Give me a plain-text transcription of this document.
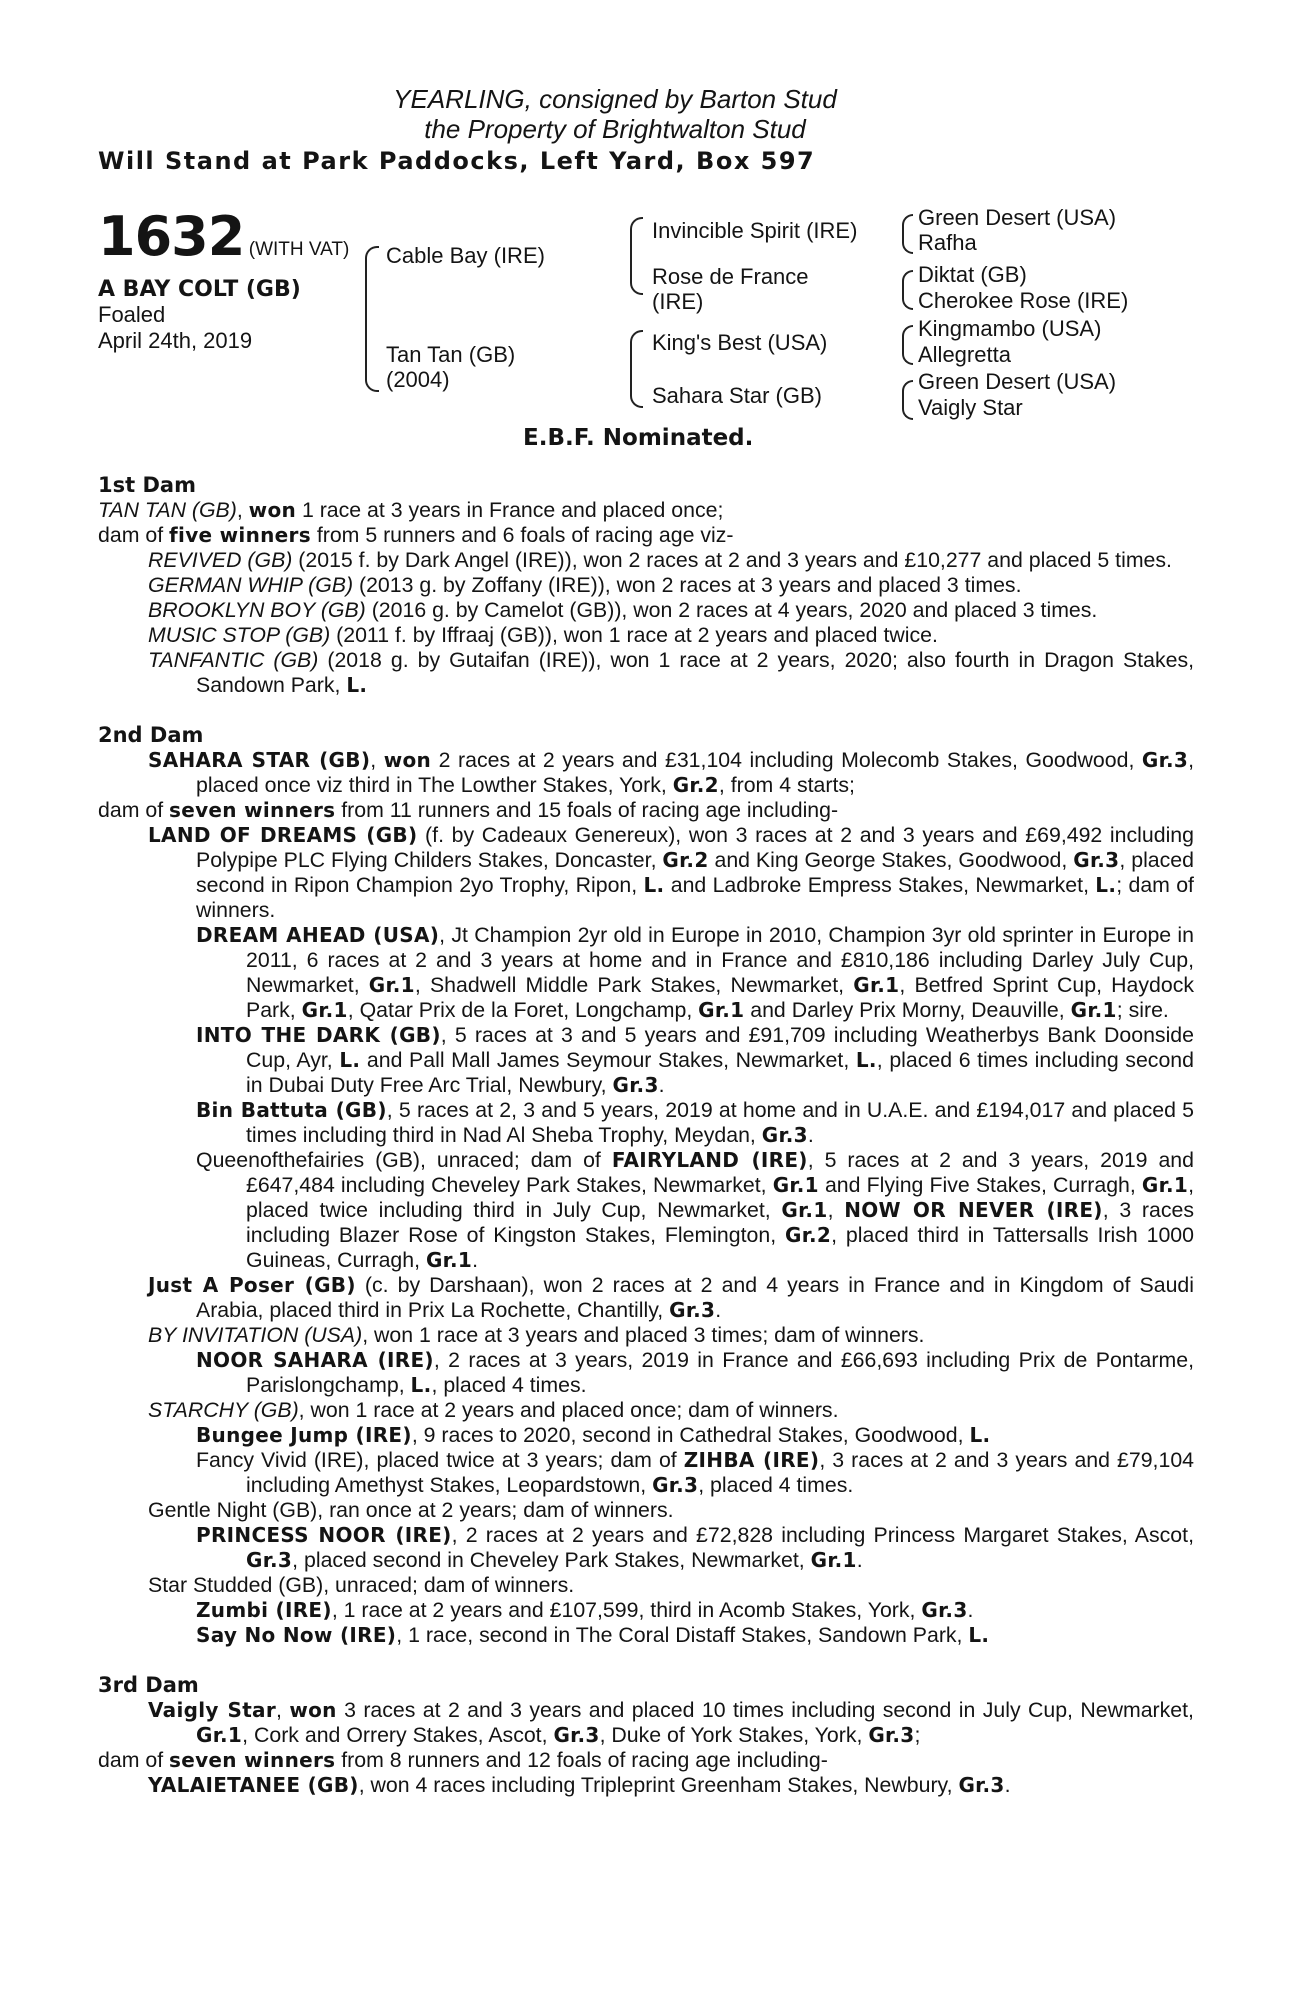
YEARLING, consigned by Barton Stud
the Property of Brightwalton Stud
Will Stand at Park Paddocks, Left Yard, Box 597
1632 (WITH VAT)
A BAY COLT (GB)
Foaled
April 24th, 2019
Cable Bay (IRE)
Tan Tan (GB)
(2004)
Invincible Spirit (IRE)
Rose de France
(IRE)
King's Best (USA)
Sahara Star (GB)
Green Desert (USA)
Rafha
Diktat (GB)
Cherokee Rose (IRE)
Kingmambo (USA)
Allegretta
Green Desert (USA)
Vaigly Star
E.B.F. Nominated.
1st Dam
TAN TAN (GB), won 1 race at 3 years in France and placed once;
dam of five winners from 5 runners and 6 foals of racing age viz-
REVIVED (GB) (2015 f. by Dark Angel (IRE)), won 2 races at 2 and 3 years and £10,277 and placed 5 times.
GERMAN WHIP (GB) (2013 g. by Zoffany (IRE)), won 2 races at 3 years and placed 3 times.
BROOKLYN BOY (GB) (2016 g. by Camelot (GB)), won 2 races at 4 years, 2020 and placed 3 times.
MUSIC STOP (GB) (2011 f. by Iffraaj (GB)), won 1 race at 2 years and placed twice.
TANFANTIC (GB) (2018 g. by Gutaifan (IRE)), won 1 race at 2 years, 2020; also fourth in Dragon Stakes, Sandown Park, L.
2nd Dam
SAHARA STAR (GB), won 2 races at 2 years and £31,104 including Molecomb Stakes, Goodwood, Gr.3, placed once viz third in The Lowther Stakes, York, Gr.2, from 4 starts;
dam of seven winners from 11 runners and 15 foals of racing age including-
LAND OF DREAMS (GB) (f. by Cadeaux Genereux), won 3 races at 2 and 3 years and £69,492 including Polypipe PLC Flying Childers Stakes, Doncaster, Gr.2 and King George Stakes, Goodwood, Gr.3, placed second in Ripon Champion 2yo Trophy, Ripon, L. and Ladbroke Empress Stakes, Newmarket, L.; dam of winners.
DREAM AHEAD (USA), Jt Champion 2yr old in Europe in 2010, Champion 3yr old sprinter in Europe in 2011, 6 races at 2 and 3 years at home and in France and £810,186 including Darley July Cup, Newmarket, Gr.1, Shadwell Middle Park Stakes, Newmarket, Gr.1, Betfred Sprint Cup, Haydock Park, Gr.1, Qatar Prix de la Foret, Longchamp, Gr.1 and Darley Prix Morny, Deauville, Gr.1; sire.
INTO THE DARK (GB), 5 races at 3 and 5 years and £91,709 including Weatherbys Bank Doonside Cup, Ayr, L. and Pall Mall James Seymour Stakes, Newmarket, L., placed 6 times including second in Dubai Duty Free Arc Trial, Newbury, Gr.3.
Bin Battuta (GB), 5 races at 2, 3 and 5 years, 2019 at home and in U.A.E. and £194,017 and placed 5 times including third in Nad Al Sheba Trophy, Meydan, Gr.3.
Queenofthefairies (GB), unraced; dam of FAIRYLAND (IRE), 5 races at 2 and 3 years, 2019 and £647,484 including Cheveley Park Stakes, Newmarket, Gr.1 and Flying Five Stakes, Curragh, Gr.1, placed twice including third in July Cup, Newmarket, Gr.1, NOW OR NEVER (IRE), 3 races including Blazer Rose of Kingston Stakes, Flemington, Gr.2, placed third in Tattersalls Irish 1000 Guineas, Curragh, Gr.1.
Just A Poser (GB) (c. by Darshaan), won 2 races at 2 and 4 years in France and in Kingdom of Saudi Arabia, placed third in Prix La Rochette, Chantilly, Gr.3.
BY INVITATION (USA), won 1 race at 3 years and placed 3 times; dam of winners.
NOOR SAHARA (IRE), 2 races at 3 years, 2019 in France and £66,693 including Prix de Pontarme, Parislongchamp, L., placed 4 times.
STARCHY (GB), won 1 race at 2 years and placed once; dam of winners.
Bungee Jump (IRE), 9 races to 2020, second in Cathedral Stakes, Goodwood, L.
Fancy Vivid (IRE), placed twice at 3 years; dam of ZIHBA (IRE), 3 races at 2 and 3 years and £79,104 including Amethyst Stakes, Leopardstown, Gr.3, placed 4 times.
Gentle Night (GB), ran once at 2 years; dam of winners.
PRINCESS NOOR (IRE), 2 races at 2 years and £72,828 including Princess Margaret Stakes, Ascot, Gr.3, placed second in Cheveley Park Stakes, Newmarket, Gr.1.
Star Studded (GB), unraced; dam of winners.
Zumbi (IRE), 1 race at 2 years and £107,599, third in Acomb Stakes, York, Gr.3.
Say No Now (IRE), 1 race, second in The Coral Distaff Stakes, Sandown Park, L.
3rd Dam
Vaigly Star, won 3 races at 2 and 3 years and placed 10 times including second in July Cup, Newmarket, Gr.1, Cork and Orrery Stakes, Ascot, Gr.3, Duke of York Stakes, York, Gr.3;
dam of seven winners from 8 runners and 12 foals of racing age including-
YALAIETANEE (GB), won 4 races including Tripleprint Greenham Stakes, Newbury, Gr.3.
